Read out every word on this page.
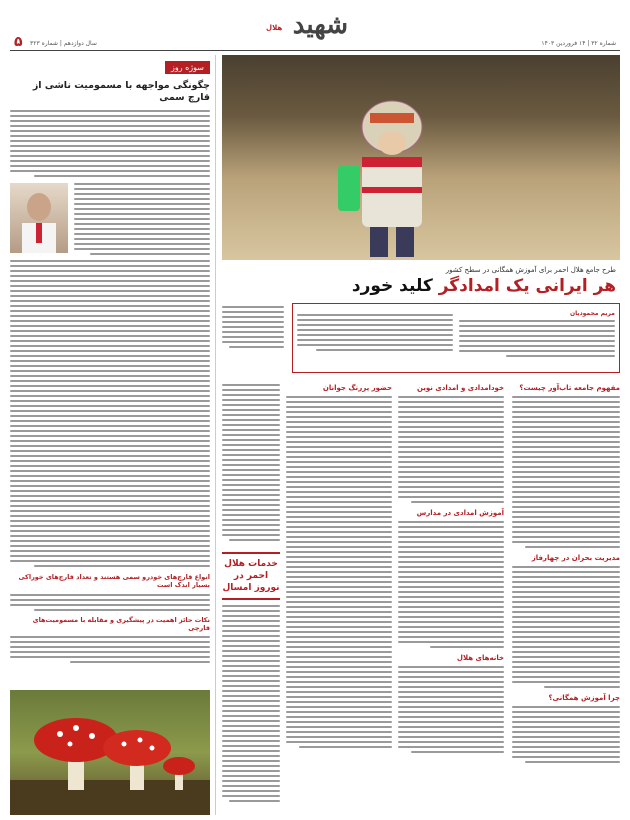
شماره ۳۲ | ۱۴ فروردین ۱۴۰۳
شهید
هلال
۵ سال دوازدهم | شماره ۳۲۳
طرح جامع هلال احمر برای آموزش همگانی در سطح کشور
هر ایرانی یک امدادگر کلید خورد
مریم محمودیان
مفهوم جامعه تاب‌آور چیست؟
مدیریت بحران در چهارفاز
چرا آموزش همگانی؟
خودامدادی و امدادی نوین
آموزش امدادی در مدارس
خانه‌های هلال
حضور پررنگ جوانان
خدمات هلال احمر در نوروز امسال
سوژه روز
چگونگی مواجهه با مسمومیت ناشی از قارچ سمی
انواع قارچ‌های خودرو سمی هستند و تعداد قارچ‌های خوراکی بسیار اندک است
نکات حائز اهمیت در پیشگیری و مقابله با مسمومیت‌های قارچی
